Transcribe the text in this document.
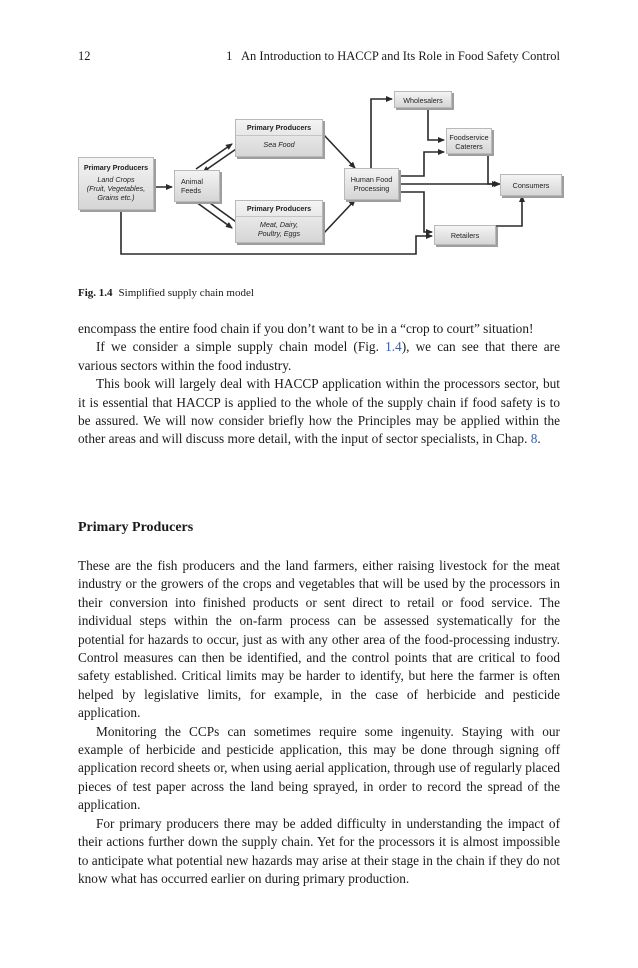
12	1   An Introduction to HACCP and Its Role in Food Safety Control
Primary Producers
Land Crops
(Fruit, Vegetables,
Grains etc.)
Animal
Feeds
Primary Producers
Sea Food
Primary Producers
Meat, Dairy,
Poultry, Eggs
Human Food
Processing
Wholesalers
Foodservice
Caterers
Consumers
Retailers
Fig. 1.4 Simplified supply chain model

encompass the entire food chain if you don’t want to be in a “crop to court” situation!

If we consider a simple supply chain model (Fig. 1.4), we can see that there are various sectors within the food industry.

This book will largely deal with HACCP application within the processors sector, but it is essential that HACCP is applied to the whole of the supply chain if food safety is to be assured. We will now consider briefly how the Principles may be applied within the other areas and will discuss more detail, with the input of sector specialists, in Chap. 8.

Primary Producers

These are the fish producers and the land farmers, either raising livestock for the meat industry or the growers of the crops and vegetables that will be used by the processors in their conversion into finished products or sent direct to retail or food service. The individual steps within the on-farm process can be assessed systematically for the potential for hazards to occur, just as with any other area of the food-processing industry. Control measures can then be identified, and the control points that are critical to food safety established. Critical limits may be harder to identify, but here the farmer is often helped by legislative limits, for example, in the case of herbicide and pesticide application.

Monitoring the CCPs can sometimes require some ingenuity. Staying with our example of herbicide and pesticide application, this may be done through signing off application record sheets or, when using aerial application, through use of regularly placed pieces of test paper across the land being sprayed, in order to record the spread of the application.

For primary producers there may be added difficulty in understanding the impact of their actions further down the supply chain. Yet for the processors it is almost impossible to anticipate what potential new hazards may arise at their stage in the chain if they do not know what has occurred earlier on during primary production.
